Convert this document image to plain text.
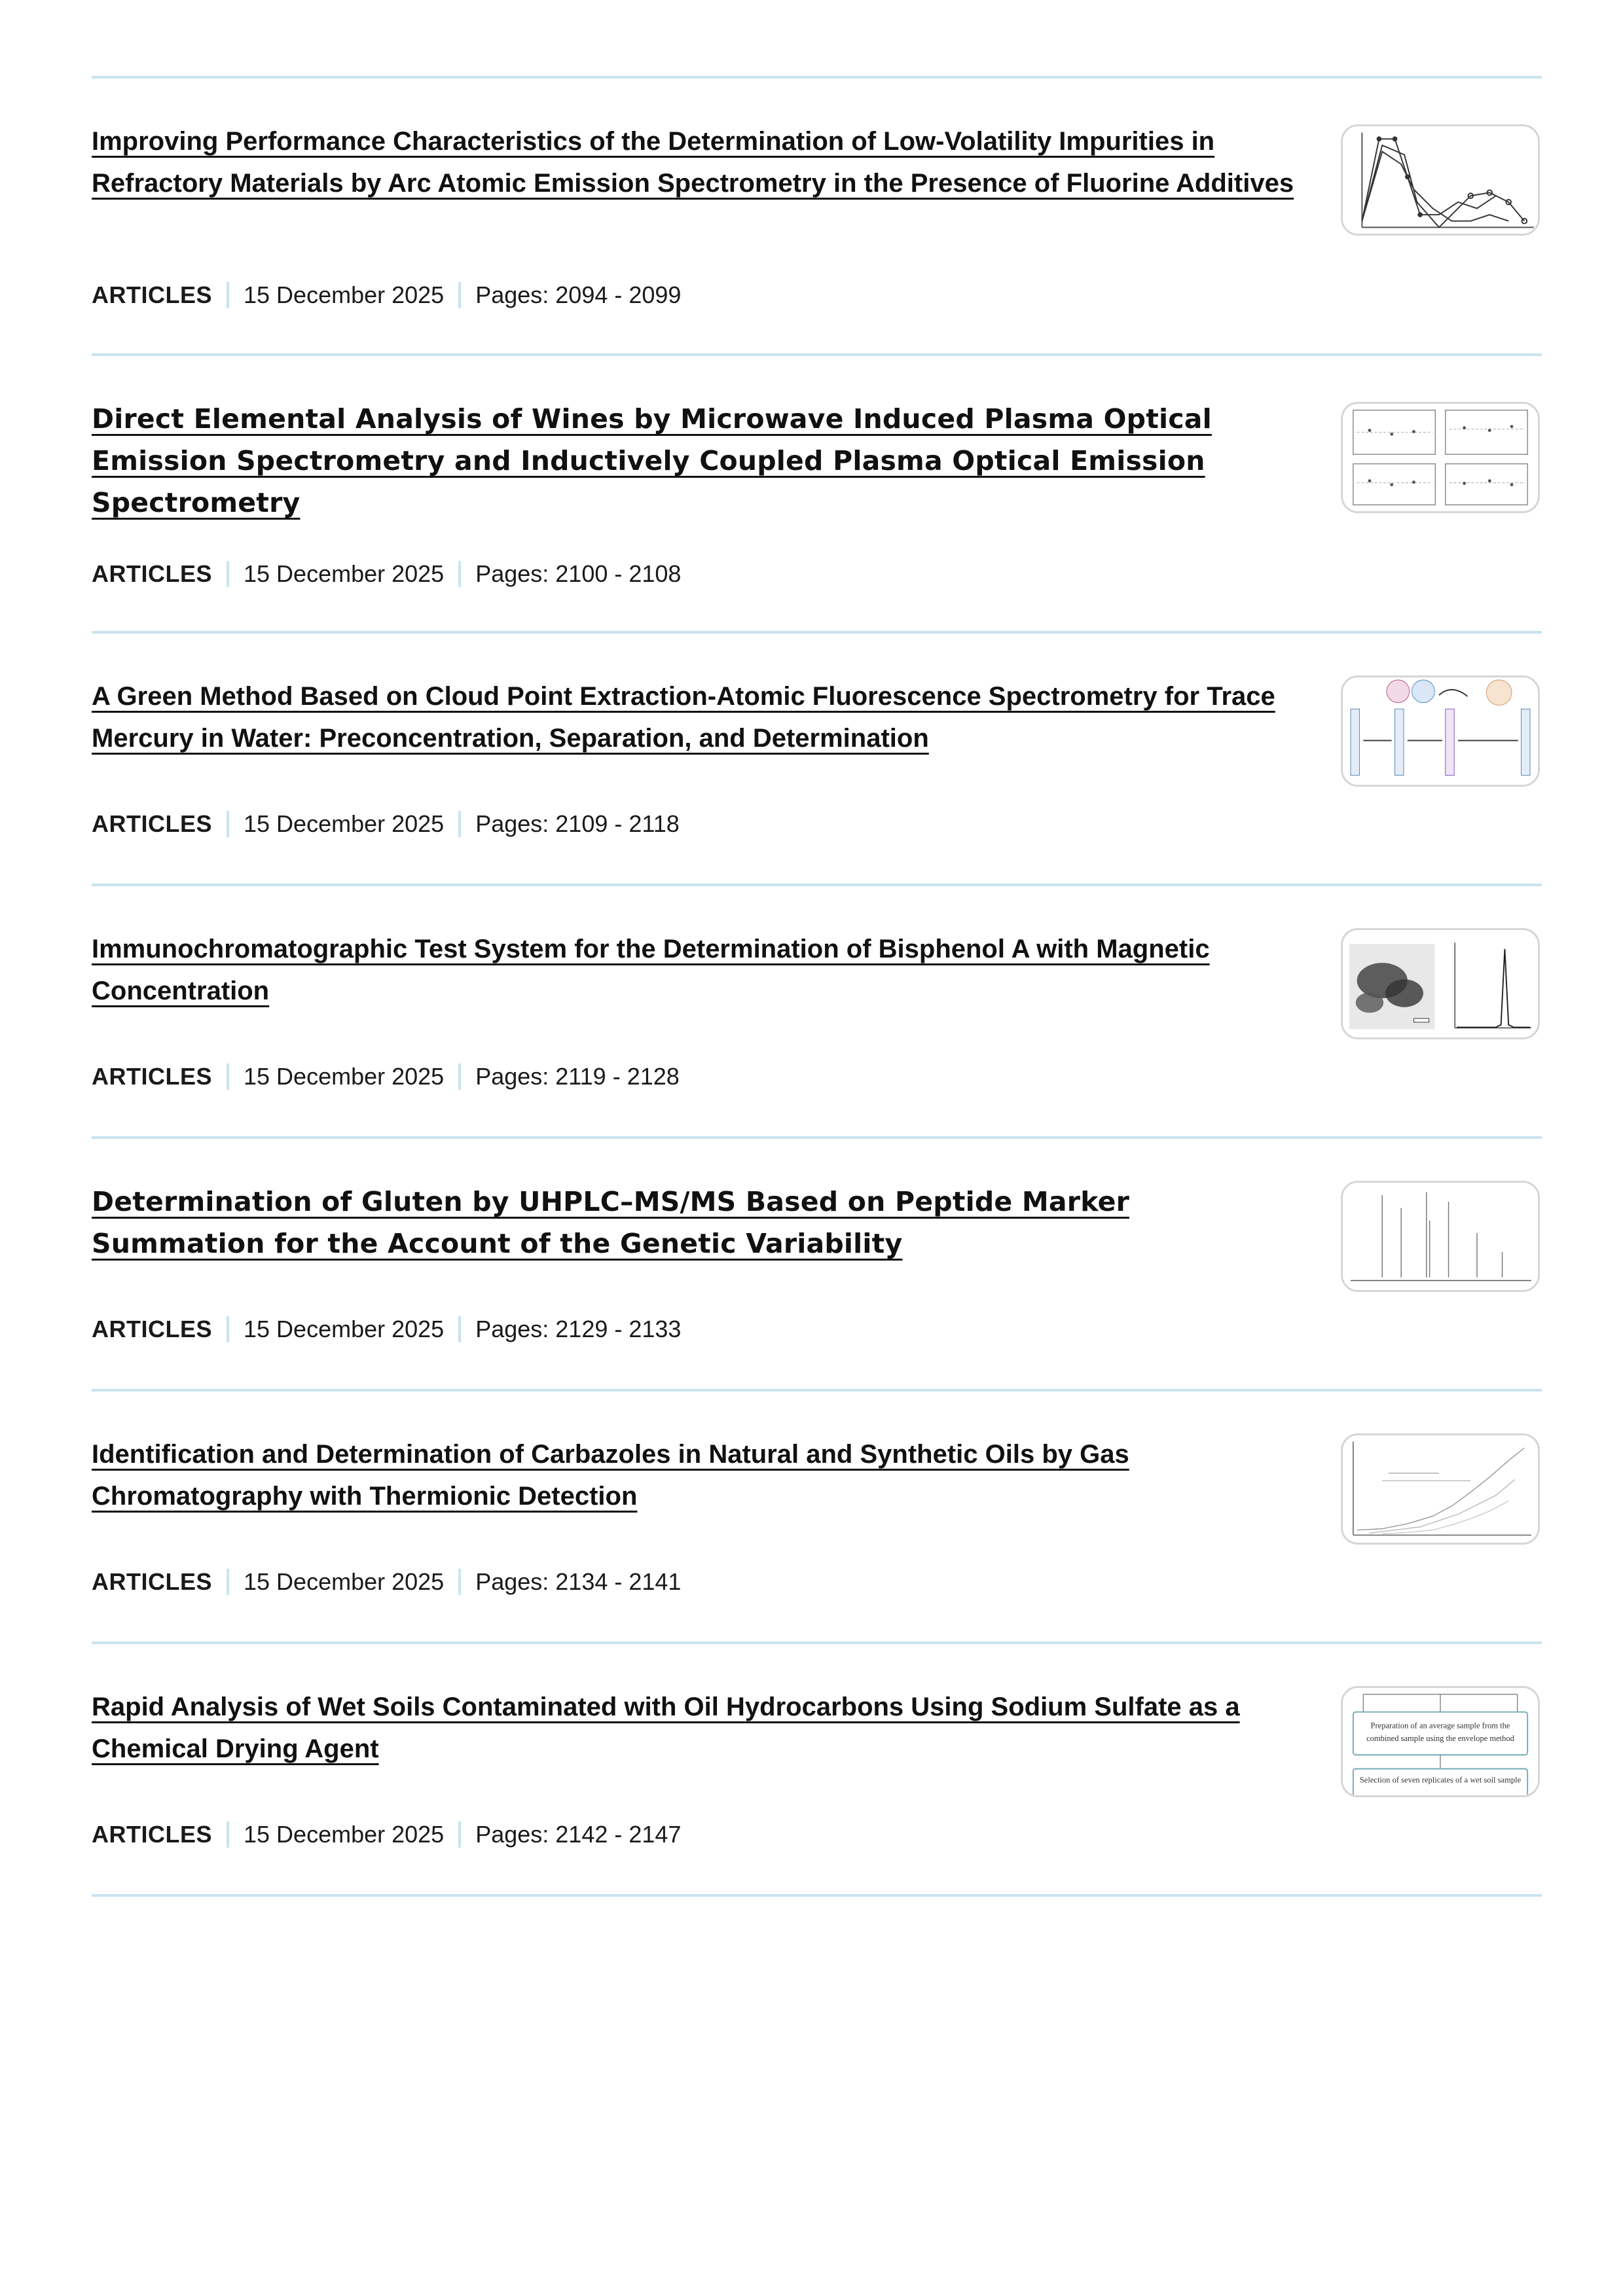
Improving Performance Characteristics of the Determination of Low-Volatility Impurities in Refractory Materials by Arc Atomic Emission Spectrometry in the Presence of Fluorine Additives
ARTICLES 15 December 2025 Pages: 2094 - 2099
Direct Elemental Analysis of Wines by Microwave Induced Plasma Optical Emission Spectrometry and Inductively Coupled Plasma Optical Emission Spectrometry
ARTICLES 15 December 2025 Pages: 2100 - 2108
A Green Method Based on Cloud Point Extraction-Atomic Fluorescence Spectrometry for Trace Mercury in Water: Preconcentration, Separation, and Determination
ARTICLES 15 December 2025 Pages: 2109 - 2118
Immunochromatographic Test System for the Determination of Bisphenol A with Magnetic Concentration
ARTICLES 15 December 2025 Pages: 2119 - 2128
Determination of Gluten by UHPLC–MS/MS Based on Peptide Marker Summation for the Account of the Genetic Variability
ARTICLES 15 December 2025 Pages: 2129 - 2133
Identification and Determination of Carbazoles in Natural and Synthetic Oils by Gas Chromatography with Thermionic Detection
ARTICLES 15 December 2025 Pages: 2134 - 2141
Rapid Analysis of Wet Soils Contaminated with Oil Hydrocarbons Using Sodium Sulfate as a Chemical Drying Agent
ARTICLES 15 December 2025 Pages: 2142 - 2147
Preparation of an average sample from the
combined sample using the envelope method
Selection of seven replicates of a wet soil sample
